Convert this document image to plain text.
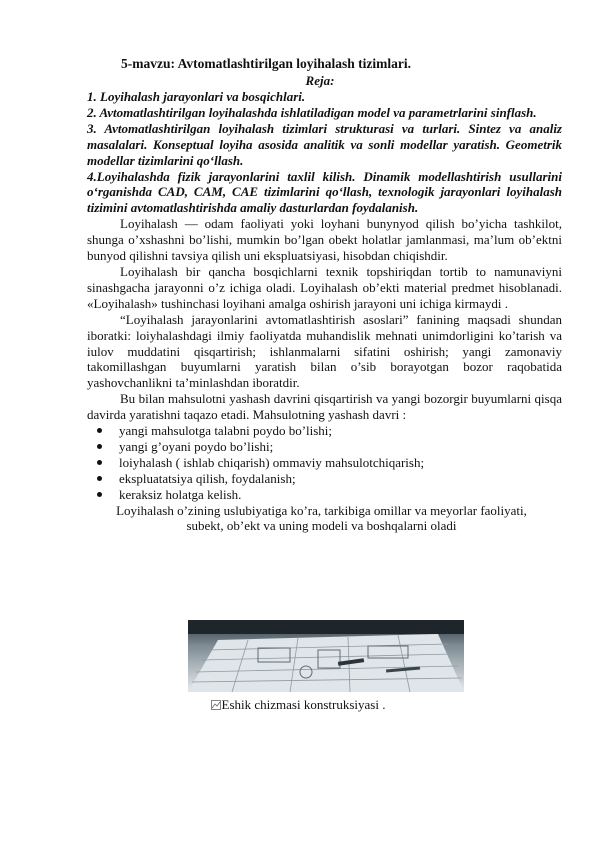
5-mavzu: Avtomatlashtirilgan loyihalash tizimlari.
Reja:

1. Loyihalash jarayonlari va bosqichlari.

2. Avtomatlashtirilgan loyihalashda ishlatiladigan model va parametrlarini sinflash.

3. Avtomatlashtirilgan loyihalash tizimlari strukturasi va turlari. Sintez va analiz masalalari. Konseptual loyiha asosida analitik va sonli modellar yaratish. Geometrik modellar tizimlarini qo‘llash.

4.Loyihalashda fizik jarayonlarini taxlil kilish. Dinamik modellashtirish usullarini o‘rganishda CAD, CAM, CAE tizimlarini qo‘llash, texnologik jarayonlari loyihalash tizimini avtomatlashtirishda amaliy dasturlardan foydalanish.

Loyihalash — odam faoliyati yoki loyhani bunynyod qilish bo’yicha tashkilot, shunga o’xshashni bo’lishi, mumkin bo’lgan obekt holatlar jamlanmasi, ma’lum ob’ektni bunyod qilishni tavsiya qilish uni ekspluatsiyasi, hisobdan chiqishdir.

Loyihalash bir qancha bosqichlarni texnik topshiriqdan tortib to namunaviyni sinashgacha jarayonni o’z ichiga oladi. Loyihalash ob’ekti material predmet hisoblanadi. «Loyihalash» tushinchasi loyihani amalga oshirish jarayoni uni ichiga kirmaydi .

“Loyihalash jarayonlarini avtomatlashtirish asoslari” fanining maqsadi shundan iboratki: loiyhalashdagi ilmiy faoliyatda muhandislik mehnati unimdorligini ko’tarish va iulov muddatini qisqartirish; ishlanmalarni sifatini oshirish; yangi zamonaviy takomillashgan buyumlarni yaratish bilan o’sib borayotgan bozor raqobatida yashovchanlikni ta’minlashdan iboratdir.

Bu bilan mahsulotni yashash davrini qisqartirish va yangi bozorgir buyumlarni qisqa davirda yaratishni taqazo etadi. Mahsulotning yashash davri :

yangi mahsulotga talabni poydo bo’lishi;
yangi g’oyani poydo bo’lishi;
loiyhalash ( ishlab chiqarish) ommaviy mahsulotchiqarish;
ekspluatatsiya qilish, foydalanish;
keraksiz holatga kelish.

Loyihalash o’zining uslubiyatiga ko’ra, tarkibiga omillar va meyorlar faoliyati,

subekt, ob’ekt va uning modeli va boshqalarni oladi

Eshik chizmasi konstruksiyasi .
